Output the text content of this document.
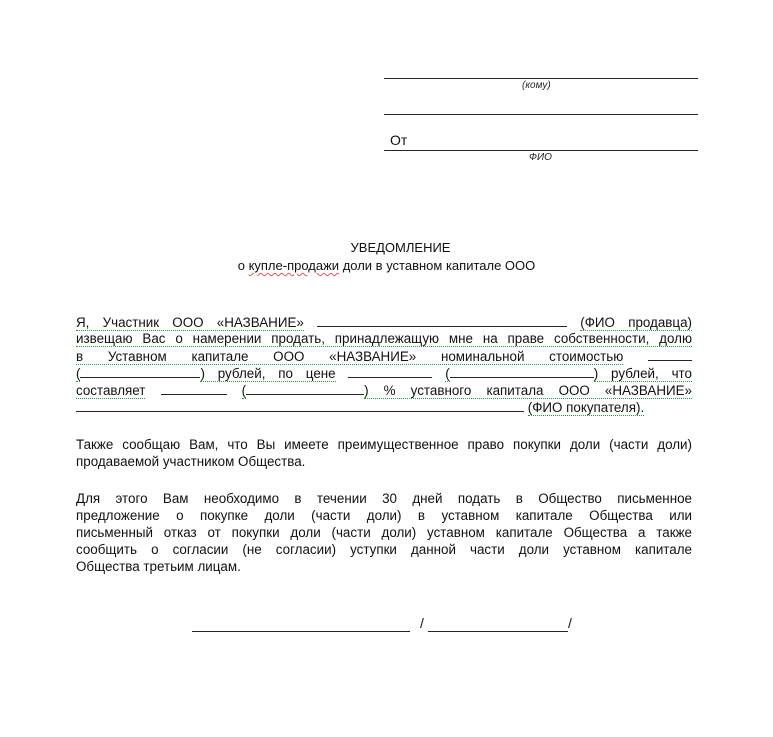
(кому)
От
ФИО
УВЕДОМЛЕНИЕ
о купле-продажи доли в уставном капитале ООО
Я, Участник ООО «НАЗВАНИЕ»	(ФИО продавца)
извещаю Вас о намерении продать, принадлежащую мне на праве собственности, долю
в Уставном капитале ООО «НАЗВАНИЕ» номинальной стоимостью
(	) рублей, по цене	(	) рублей, что
составляет	(	) % уставного капитала ООО «НАЗВАНИЕ»
(ФИО покупателя).
Также сообщаю Вам, что Вы имеете преимущественное право покупки доли (части доли)
продаваемой участником Общества.
Для этого Вам необходимо в течении 30 дней подать в Общество письменное
предложение о покупке доли (части доли) в уставном капитале Общества или
письменный отказ от покупки доли (части доли) уставном капитале Общества а также
сообщить о согласии (не согласии) уступки данной части доли уставном капитале
Общества третьим лицам.
/	/
